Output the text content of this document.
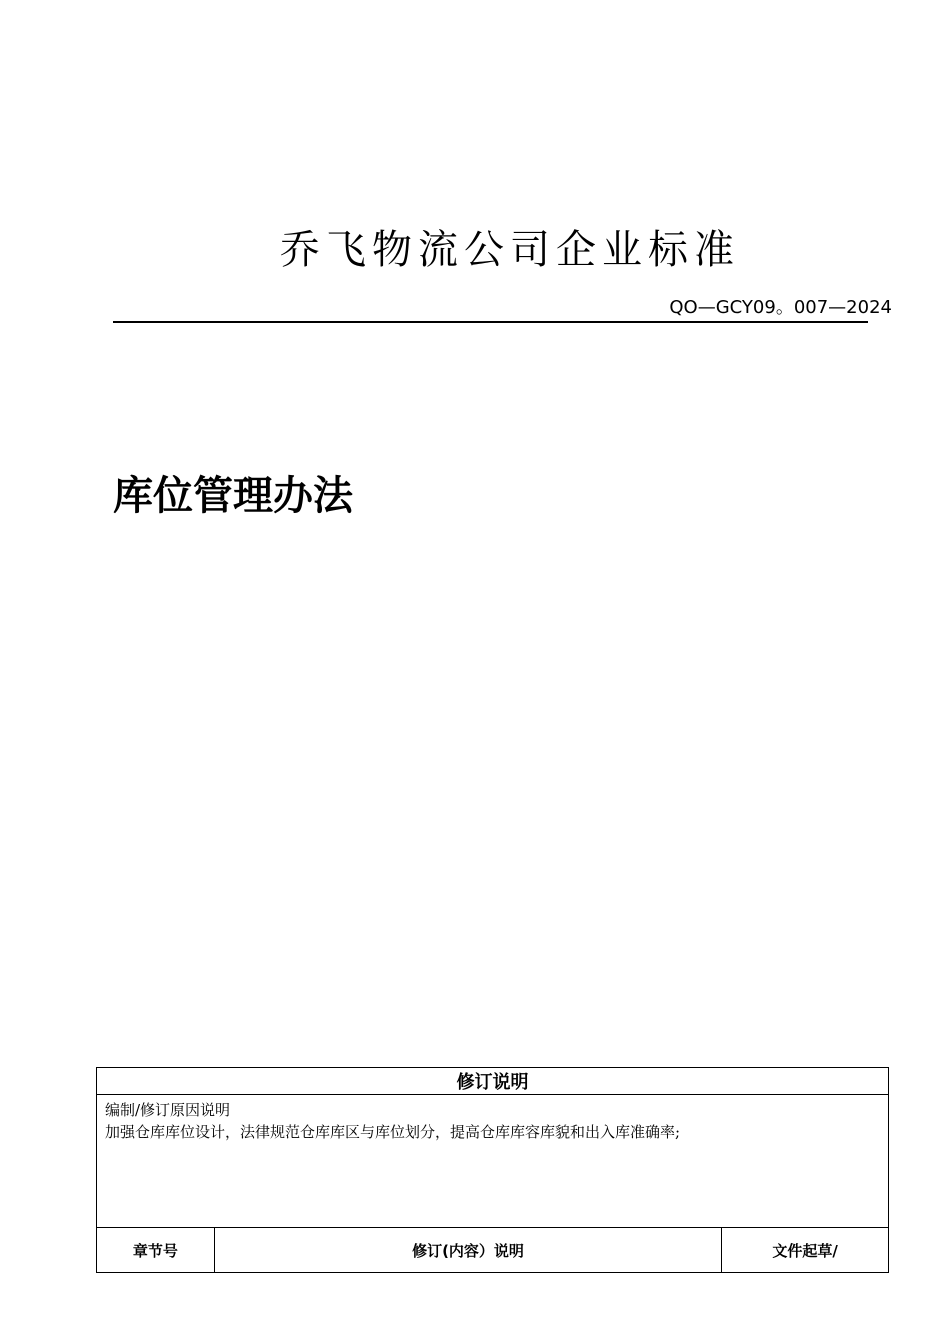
乔飞物流公司企业标准
QO—GCY09。007—2024
库位管理办法
修订说明

编制/修订原因说明
加强仓库库位设计，法律规范仓库库区与库位划分，提高仓库库容库貌和出入库准确率;

章节号	修订(内容）说明	文件起草/
